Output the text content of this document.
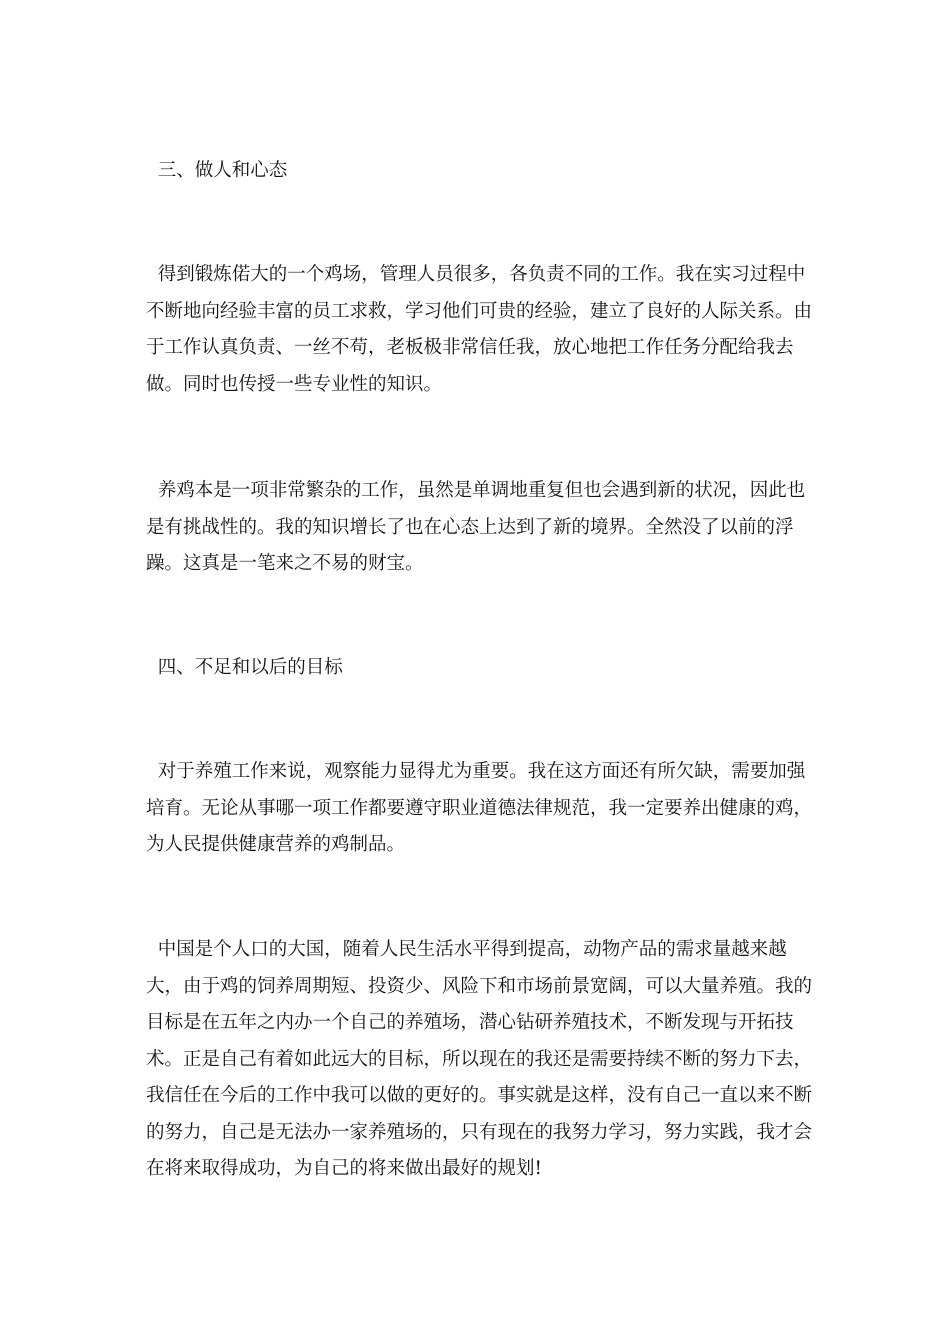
三、做人和心态

得到锻炼偌大的一个鸡场，管理人员很多，各负责不同的工作。我在实习过程中不断地向经验丰富的员工求救，学习他们可贵的经验，建立了良好的人际关系。由于工作认真负责、一丝不苟，老板极非常信任我，放心地把工作任务分配给我去做。同时也传授一些专业性的知识。

养鸡本是一项非常繁杂的工作，虽然是单调地重复但也会遇到新的状况，因此也是有挑战性的。我的知识增长了也在心态上达到了新的境界。全然没了以前的浮躁。这真是一笔来之不易的财宝。

四、不足和以后的目标

对于养殖工作来说，观察能力显得尤为重要。我在这方面还有所欠缺，需要加强培育。无论从事哪一项工作都要遵守职业道德法律规范，我一定要养出健康的鸡，为人民提供健康营养的鸡制品。

中国是个人口的大国，随着人民生活水平得到提高，动物产品的需求量越来越大，由于鸡的饲养周期短、投资少、风险下和市场前景宽阔，可以大量养殖。我的目标是在五年之内办一个自己的养殖场，潜心钻研养殖技术，不断发现与开拓技术。正是自己有着如此远大的目标，所以现在的我还是需要持续不断的努力下去，我信任在今后的工作中我可以做的更好的。事实就是这样，没有自己一直以来不断的努力，自己是无法办一家养殖场的，只有现在的我努力学习，努力实践，我才会在将来取得成功，为自己的将来做出最好的规划!
